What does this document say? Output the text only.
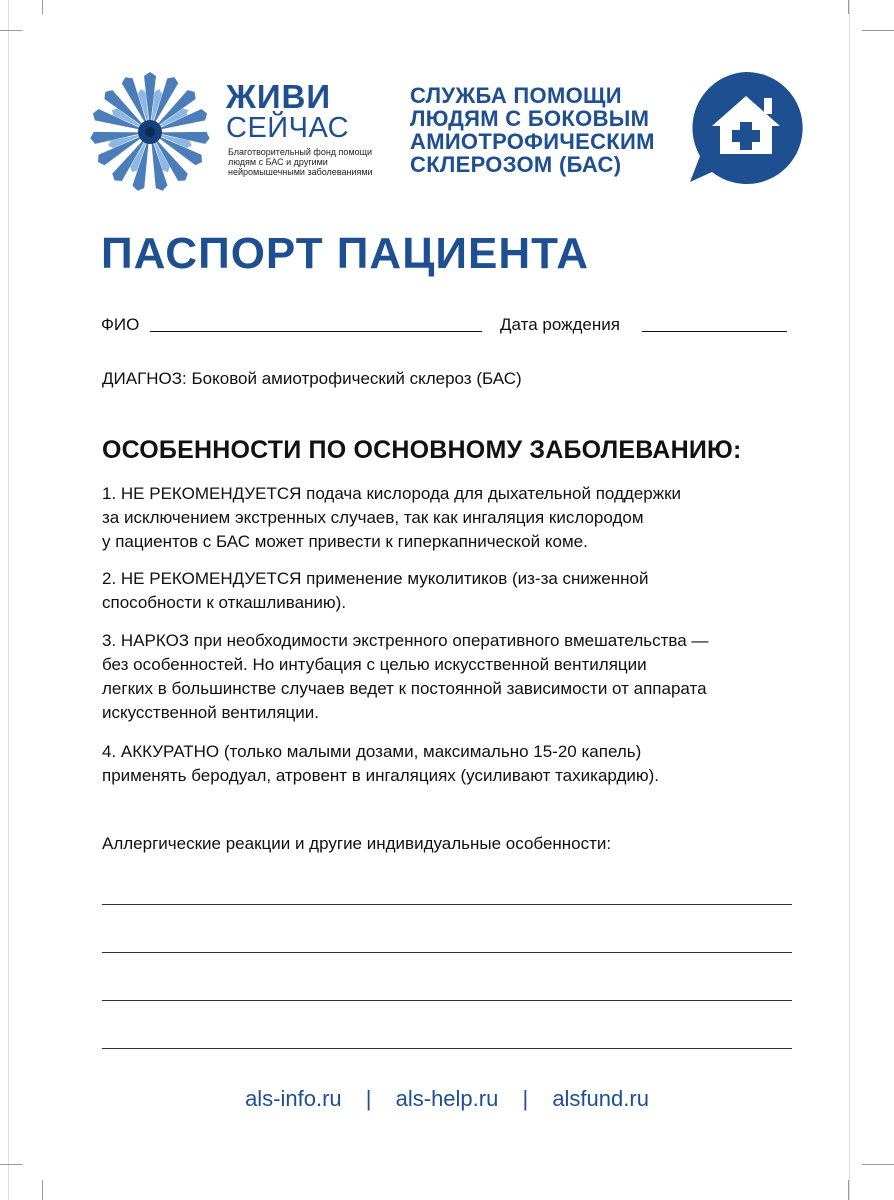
ЖИВИ
СЕЙЧАС
Благотворительный фонд помощи людям с БАС и другими нейромышечными заболеваниями
СЛУЖБА ПОМОЩИ
ЛЮДЯМ С БОКОВЫМ
АМИОТРОФИЧЕСКИМ
СКЛЕРОЗОМ (БАС)
ПАСПОРТ ПАЦИЕНТА
ФИО	Дата рождения
ДИАГНОЗ: Боковой амиотрофический склероз (БАС)
ОСОБЕННОСТИ ПО ОСНОВНОМУ ЗАБОЛЕВАНИЮ:
1. НЕ РЕКОМЕНДУЕТСЯ подача кислорода для дыхательной поддержки
за исключением экстренных случаев, так как ингаляция кислородом
у пациентов с БАС может привести к гиперкапнической коме.
2. НЕ РЕКОМЕНДУЕТСЯ применение муколитиков (из-за сниженной
способности к откашливанию).
3. НАРКОЗ при необходимости экстренного оперативного вмешательства —
без особенностей. Но интубация с целью искусственной вентиляции
легких в большинстве случаев ведет к постоянной зависимости от аппарата
искусственной вентиляции.
4. АККУРАТНО (только малыми дозами, максимально 15-20 капель)
применять беродуал, атровент в ингаляциях (усиливают тахикардию).
Аллергические реакции и другие индивидуальные особенности:
als-info.ru | als-help.ru | alsfund.ru
